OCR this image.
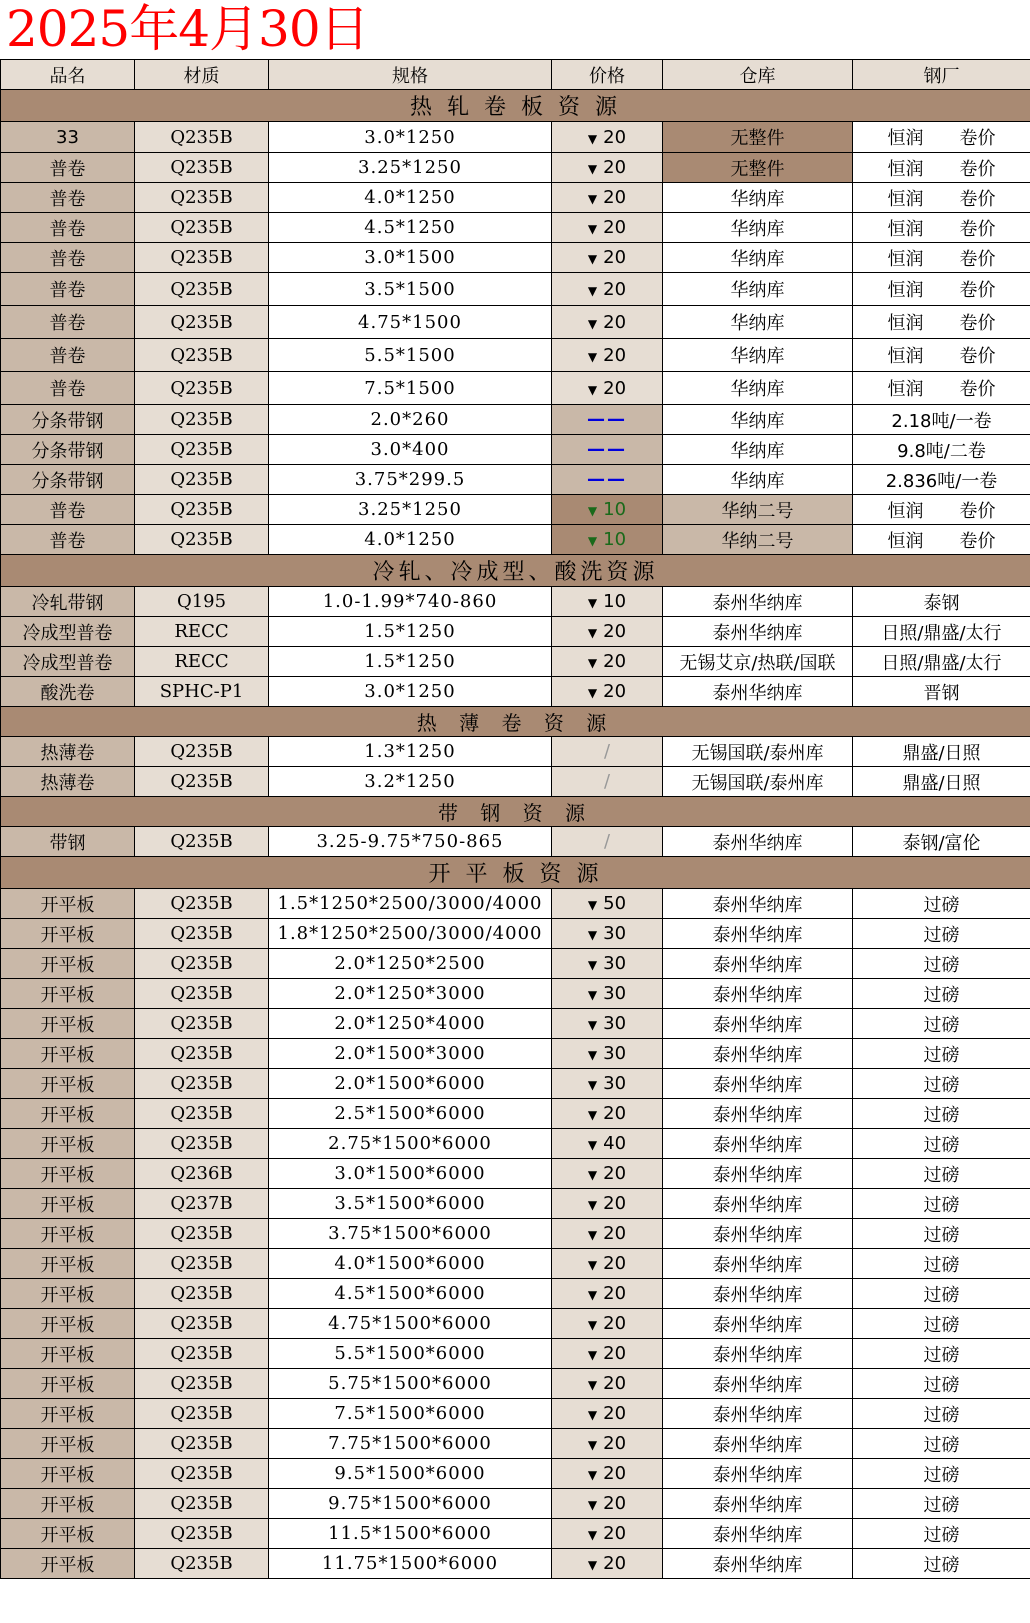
2025年4月30日
品名	材质	规格	价格	仓库	钢厂
热 轧 卷 板 资 源					
33	Q235B	3.0*1250	▼ 20	无整件	恒润　　卷价
普卷	Q235B	3.25*1250	▼ 20	无整件	恒润　　卷价
普卷	Q235B	4.0*1250	▼ 20	华纳库	恒润　　卷价
普卷	Q235B	4.5*1250	▼ 20	华纳库	恒润　　卷价
普卷	Q235B	3.0*1500	▼ 20	华纳库	恒润　　卷价
普卷	Q235B	3.5*1500	▼ 20	华纳库	恒润　　卷价
普卷	Q235B	4.75*1500	▼ 20	华纳库	恒润　　卷价
普卷	Q235B	5.5*1500	▼ 20	华纳库	恒润　　卷价
普卷	Q235B	7.5*1500	▼ 20	华纳库	恒润　　卷价
分条带钢	Q235B	2.0*260	——	华纳库	2.18吨/一卷
分条带钢	Q235B	3.0*400	——	华纳库	9.8吨/二卷
分条带钢	Q235B	3.75*299.5	——	华纳库	2.836吨/一卷
普卷	Q235B	3.25*1250	▼ 10	华纳二号	恒润　　卷价
普卷	Q235B	4.0*1250	▼ 10	华纳二号	恒润　　卷价
冷轧、冷成型、酸洗资源					
冷轧带钢	Q195	1.0-1.99*740-860	▼ 10	泰州华纳库	泰钢
冷成型普卷	RECC	1.5*1250	▼ 20	泰州华纳库	日照/鼎盛/太行
冷成型普卷	RECC	1.5*1250	▼ 20	无锡艾京/热联/国联	日照/鼎盛/太行
酸洗卷	SPHC-P1	3.0*1250	▼ 20	泰州华纳库	晋钢
热 薄 卷 资 源					
热薄卷	Q235B	1.3*1250	/	无锡国联/泰州库	鼎盛/日照
热薄卷	Q235B	3.2*1250	/	无锡国联/泰州库	鼎盛/日照
带 钢 资 源					
带钢	Q235B	3.25-9.75*750-865	/	泰州华纳库	泰钢/富伦
开 平 板 资 源					
开平板	Q235B	1.5*1250*2500/3000/4000	▼ 50	泰州华纳库	过磅
开平板	Q235B	1.8*1250*2500/3000/4000	▼ 30	泰州华纳库	过磅
开平板	Q235B	2.0*1250*2500	▼ 30	泰州华纳库	过磅
开平板	Q235B	2.0*1250*3000	▼ 30	泰州华纳库	过磅
开平板	Q235B	2.0*1250*4000	▼ 30	泰州华纳库	过磅
开平板	Q235B	2.0*1500*3000	▼ 30	泰州华纳库	过磅
开平板	Q235B	2.0*1500*6000	▼ 30	泰州华纳库	过磅
开平板	Q235B	2.5*1500*6000	▼ 20	泰州华纳库	过磅
开平板	Q235B	2.75*1500*6000	▼ 40	泰州华纳库	过磅
开平板	Q236B	3.0*1500*6000	▼ 20	泰州华纳库	过磅
开平板	Q237B	3.5*1500*6000	▼ 20	泰州华纳库	过磅
开平板	Q235B	3.75*1500*6000	▼ 20	泰州华纳库	过磅
开平板	Q235B	4.0*1500*6000	▼ 20	泰州华纳库	过磅
开平板	Q235B	4.5*1500*6000	▼ 20	泰州华纳库	过磅
开平板	Q235B	4.75*1500*6000	▼ 20	泰州华纳库	过磅
开平板	Q235B	5.5*1500*6000	▼ 20	泰州华纳库	过磅
开平板	Q235B	5.75*1500*6000	▼ 20	泰州华纳库	过磅
开平板	Q235B	7.5*1500*6000	▼ 20	泰州华纳库	过磅
开平板	Q235B	7.75*1500*6000	▼ 20	泰州华纳库	过磅
开平板	Q235B	9.5*1500*6000	▼ 20	泰州华纳库	过磅
开平板	Q235B	9.75*1500*6000	▼ 20	泰州华纳库	过磅
开平板	Q235B	11.5*1500*6000	▼ 20	泰州华纳库	过磅
开平板	Q235B	11.75*1500*6000	▼ 20	泰州华纳库	过磅
